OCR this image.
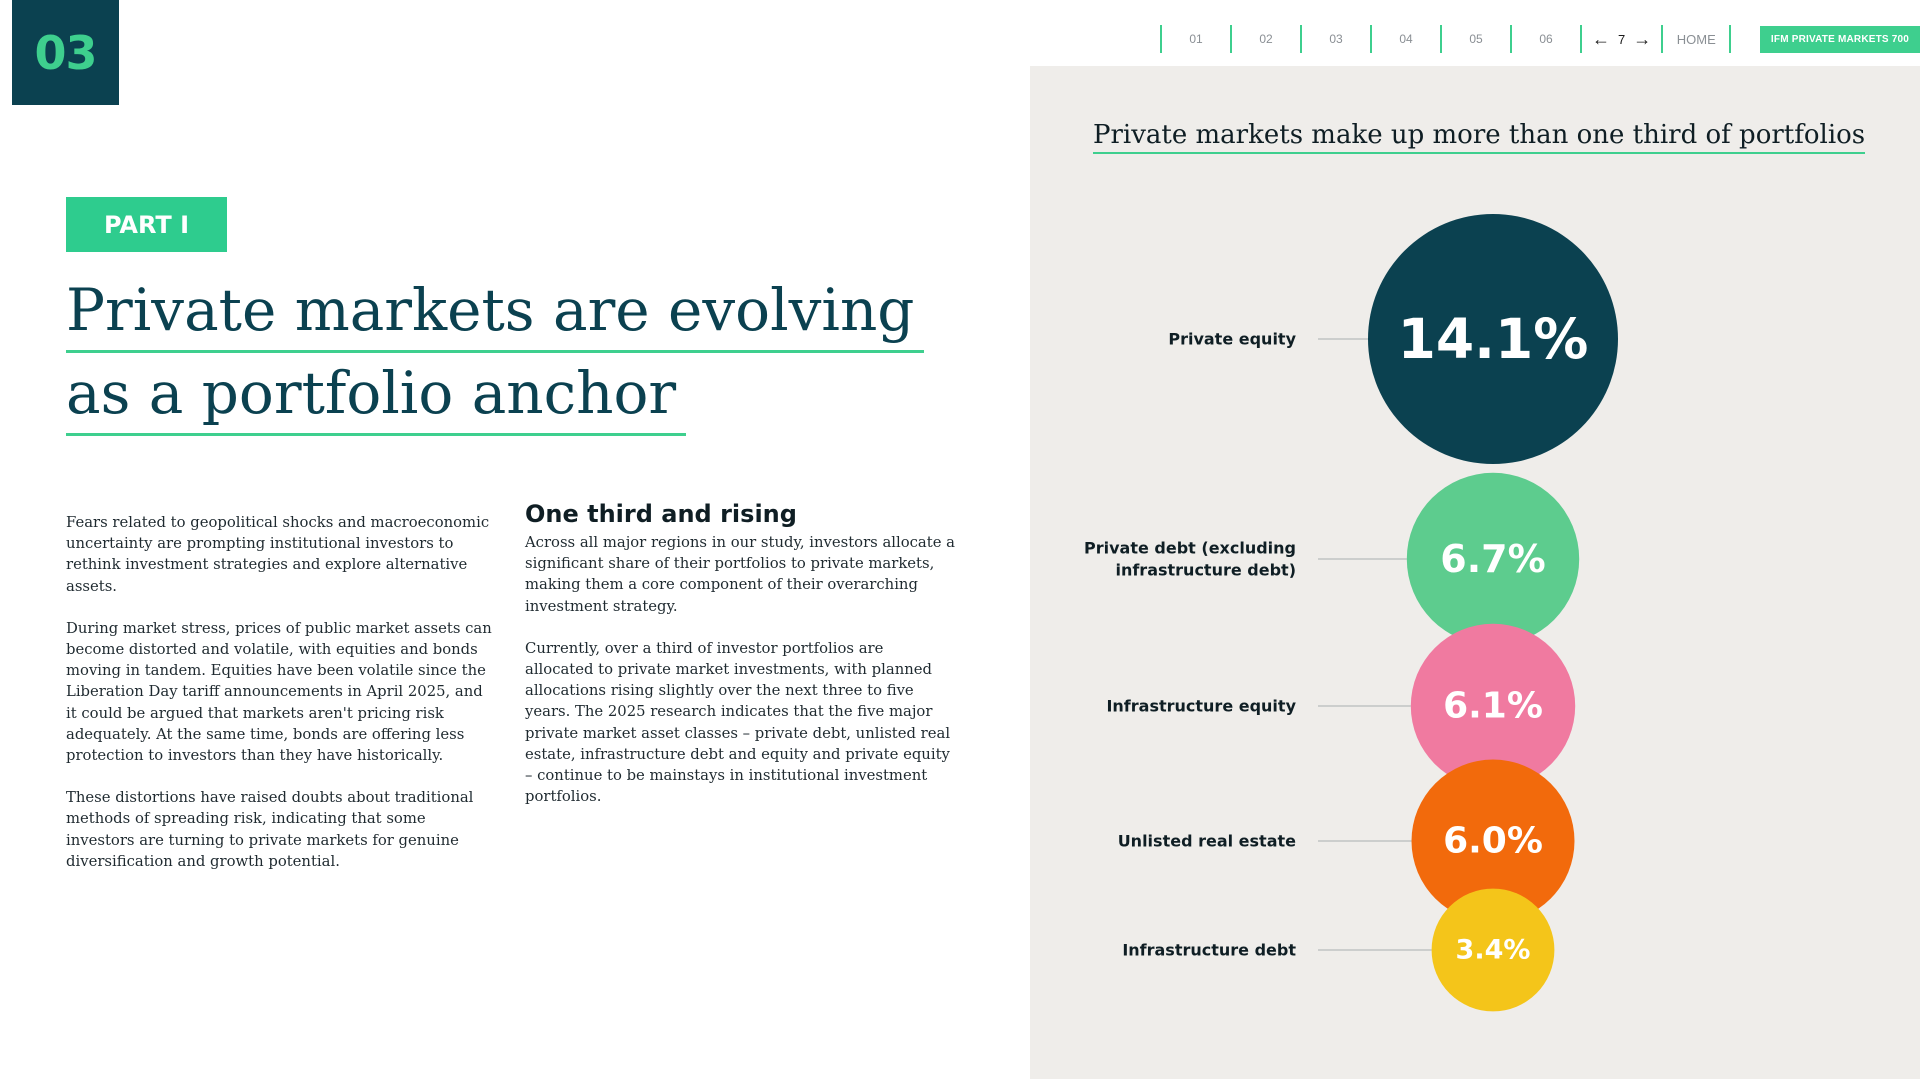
03	01	02	03	04	05	06	← 7 →	HOME	IFM PRIVATE MARKETS 700
PART I
Private markets are evolving
as a portfolio anchor

Fears related to geopolitical shocks and macroeconomic uncertainty are prompting institutional investors to rethink investment strategies and explore alternative assets.

During market stress, prices of public market assets can become distorted and volatile, with equities and bonds moving in tandem. Equities have been volatile since the Liberation Day tariff announcements in April 2025, and it could be argued that markets aren't pricing risk adequately. At the same time, bonds are offering less protection to investors than they have historically.

These distortions have raised doubts about traditional methods of spreading risk, indicating that some investors are turning to private markets for genuine diversification and growth potential.

One third and rising

Across all major regions in our study, investors allocate a significant share of their portfolios to private markets, making them a core component of their overarching investment strategy.

Currently, over a third of investor portfolios are allocated to private market investments, with planned allocations rising slightly over the next three to five years. The 2025 research indicates that the five major private market asset classes – private debt, unlisted real estate, infrastructure debt and equity and private equity – continue to be mainstays in institutional investment portfolios.

Private markets make up more than one third of portfolios
14.1%
Private equity
6.7%
Private debt (excluding
infrastructure debt)
6.1%
Infrastructure equity
6.0%
Unlisted real estate
3.4%
Infrastructure debt
